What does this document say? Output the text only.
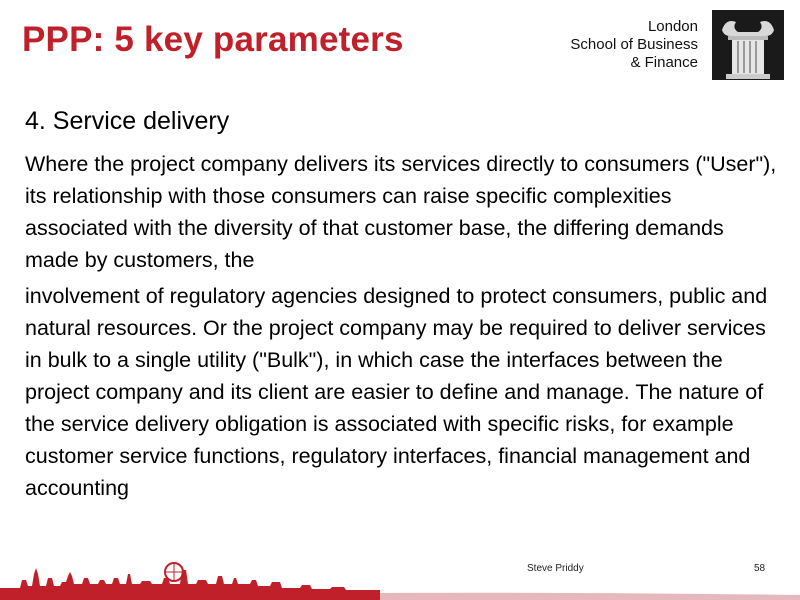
PPP: 5 key parameters	London
School of Business
& Finance
4. Service delivery

Where the project company delivers its services directly to consumers ("User"), its relationship with those consumers can raise specific complexities associated with the diversity of that customer base, the differing demands made by customers, the

involvement of regulatory agencies designed to protect consumers, public and natural resources. Or the project company may be required to deliver services in bulk to a single utility ("Bulk"), in which case the interfaces between the project company and its client are easier to define and manage. The nature of the service delivery obligation is associated with specific risks, for example customer service functions, regulatory interfaces, financial management and accounting

Steve Priddy	58
